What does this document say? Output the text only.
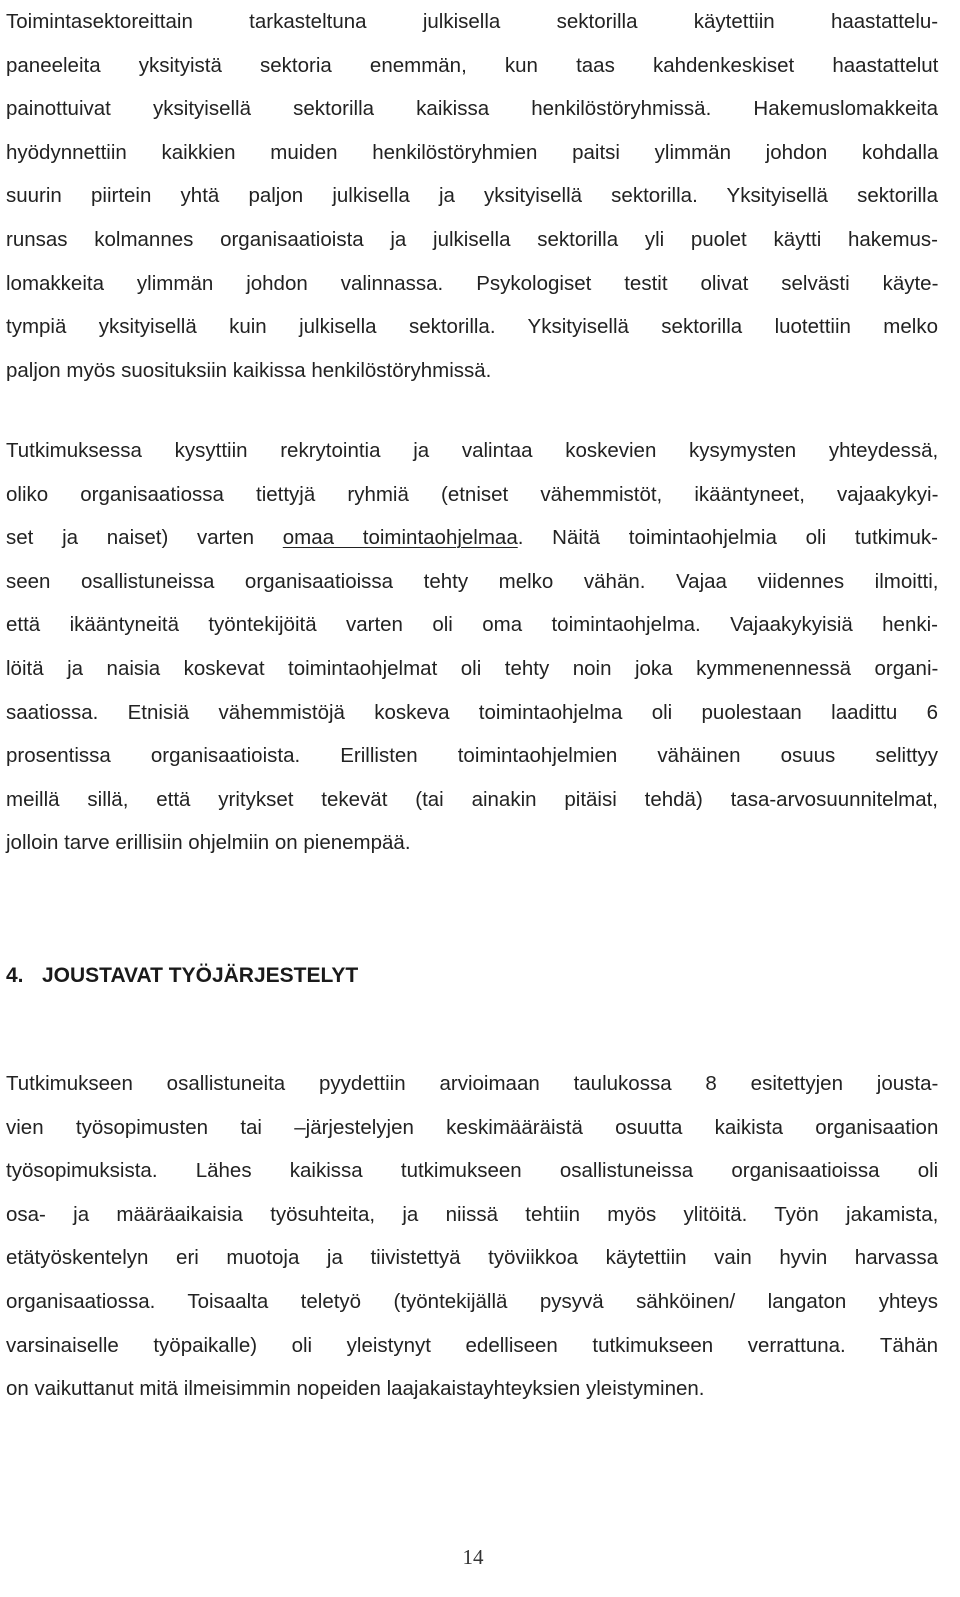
Toimintasektoreittain tarkasteltuna julkisella sektorilla käytettiin haastattelu-
paneeleita yksityistä sektoria enemmän, kun taas kahdenkeskiset haastattelut
painottuivat yksityisellä sektorilla kaikissa henkilöstöryhmissä. Hakemuslomakkeita
hyödynnettiin kaikkien muiden henkilöstöryhmien paitsi ylimmän johdon kohdalla
suurin piirtein yhtä paljon julkisella ja yksityisellä sektorilla. Yksityisellä sektorilla
runsas kolmannes organisaatioista ja julkisella sektorilla yli puolet käytti hakemus-
lomakkeita ylimmän johdon valinnassa. Psykologiset testit olivat selvästi käyte-
tympiä yksityisellä kuin julkisella sektorilla. Yksityisellä sektorilla luotettiin melko
paljon myös suosituksiin kaikissa henkilöstöryhmissä.
Tutkimuksessa kysyttiin rekrytointia ja valintaa koskevien kysymysten yhteydessä,
oliko organisaatiossa tiettyjä ryhmiä (etniset vähemmistöt, ikääntyneet, vajaakykyi-
set ja naiset) varten omaa toimintaohjelmaa. Näitä toimintaohjelmia oli tutkimuk-
seen osallistuneissa organisaatioissa tehty melko vähän. Vajaa viidennes ilmoitti,
että ikääntyneitä työntekijöitä varten oli oma toimintaohjelma. Vajaakykyisiä henki-
löitä ja naisia koskevat toimintaohjelmat oli tehty noin joka kymmenennessä organi-
saatiossa. Etnisiä vähemmistöjä koskeva toimintaohjelma oli puolestaan laadittu 6
prosentissa organisaatioista. Erillisten toimintaohjelmien vähäinen osuus selittyy
meillä sillä, että yritykset tekevät (tai ainakin pitäisi tehdä) tasa-arvosuunnitelmat,
jolloin tarve erillisiin ohjelmiin on pienempää.
4. JOUSTAVAT TYÖJÄRJESTELYT
Tutkimukseen osallistuneita pyydettiin arvioimaan taulukossa 8 esitettyjen jousta-
vien työsopimusten tai –järjestelyjen keskimääräistä osuutta kaikista organisaation
työsopimuksista. Lähes kaikissa tutkimukseen osallistuneissa organisaatioissa oli
osa- ja määräaikaisia työsuhteita, ja niissä tehtiin myös ylitöitä. Työn jakamista,
etätyöskentelyn eri muotoja ja tiivistettyä työviikkoa käytettiin vain hyvin harvassa
organisaatiossa. Toisaalta teletyö (työntekijällä pysyvä sähköinen/ langaton yhteys
varsinaiselle työpaikalle) oli yleistynyt edelliseen tutkimukseen verrattuna. Tähän
on vaikuttanut mitä ilmeisimmin nopeiden laajakaistayhteyksien yleistyminen.
14
